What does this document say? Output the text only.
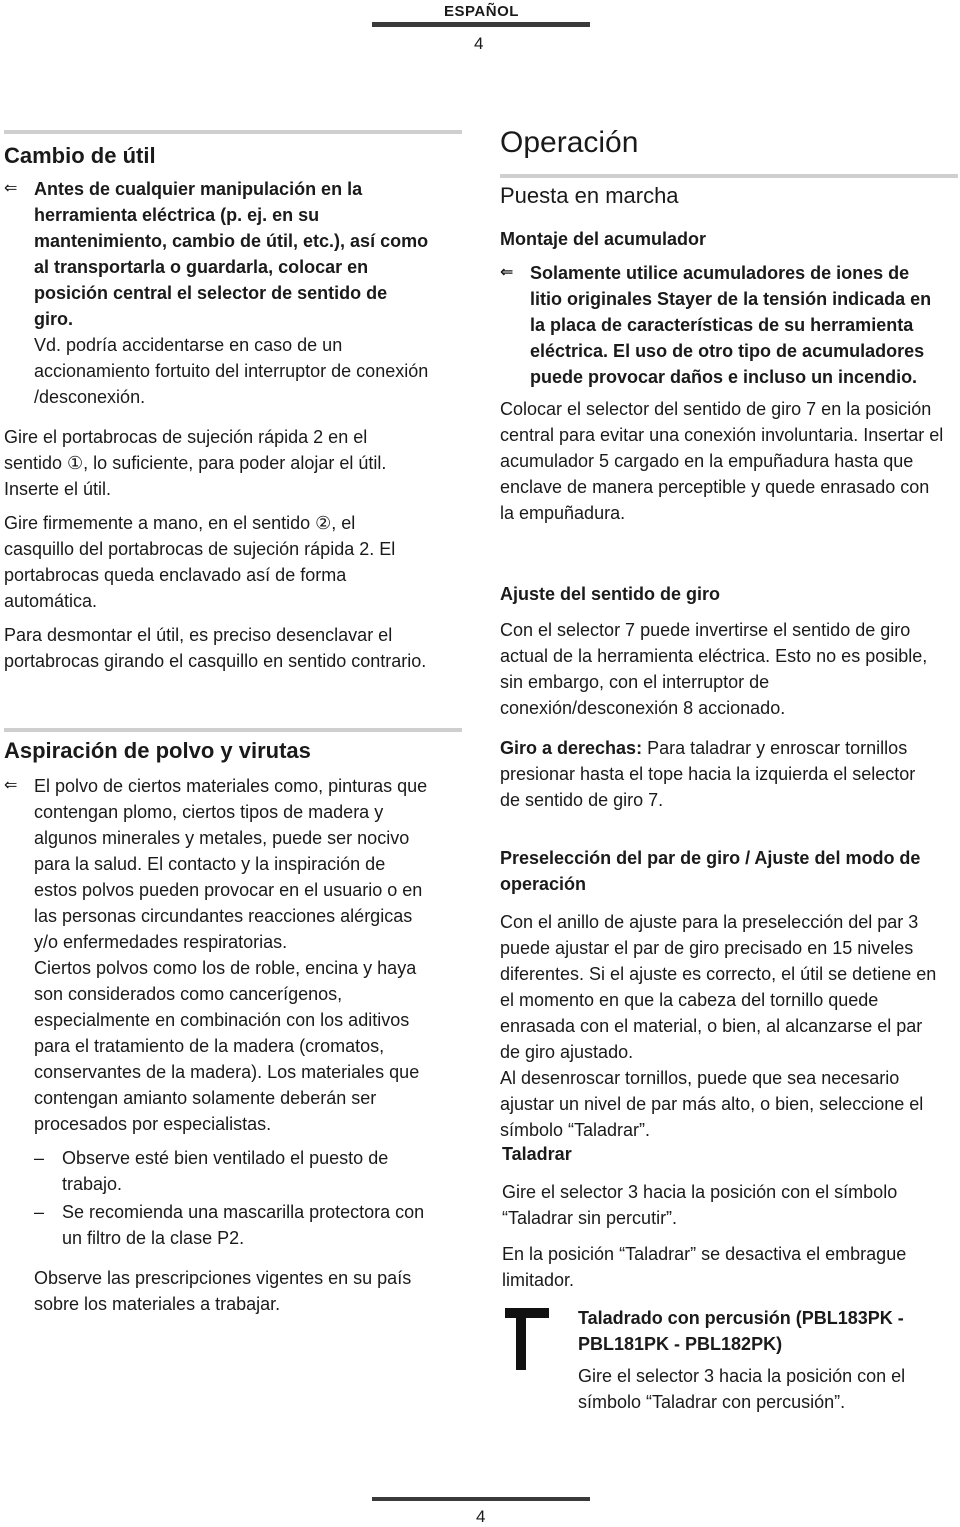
ESPAÑOL
4
Cambio de útil
⇐ Antes de cualquier manipulación en la herramienta eléctrica (p. ej. en su mantenimiento, cambio de útil, etc.), así como al transportarla o guardarla, colocar en posición central el selector de sentido de giro.

Vd. podría accidentarse en caso de un accionamiento fortuito del interruptor de conexión /desconexión.

Gire el portabrocas de sujeción rápida 2 en el sentido ①, lo suficiente, para poder alojar el útil. Inserte el útil.

Gire firmemente a mano, en el sentido ②, el casquillo del portabrocas de sujeción rápida 2. El portabrocas queda enclavado así de forma automática.

Para desmontar el útil, es preciso desenclavar el portabrocas girando el casquillo en sentido contrario.

Aspiración de polvo y virutas
⇐ El polvo de ciertos materiales como, pinturas que contengan plomo, ciertos tipos de madera y algunos minerales y metales, puede ser nocivo para la salud. El contacto y la inspiración de estos polvos pueden provocar en el usuario o en las personas circundantes reacciones alérgicas y/o enfermedades respiratorias.

Ciertos polvos como los de roble, encina y haya son considerados como cancerígenos, especialmente en combinación con los aditivos para el tratamiento de la madera (cromatos, conservantes de la madera). Los materiales que contengan amianto solamente deberán ser procesados por especialistas.

– Observe esté bien ventilado el puesto de trabajo.
– Se recomienda una mascarilla protectora con un filtro de la clase P2.

Observe las prescripciones vigentes en su país sobre los materiales a trabajar.

Operación
Puesta en marcha
Montaje del acumulador
⇐ Solamente utilice acumuladores de iones de litio originales Stayer de la tensión indicada en la placa de características de su herramienta eléctrica. El uso de otro tipo de acumuladores puede provocar daños e incluso un incendio.

Colocar el selector del sentido de giro 7 en la posición central para evitar una conexión involuntaria. Insertar el acumulador 5 cargado en la empuñadura hasta que enclave de manera perceptible y quede enrasado con la empuñadura.

Ajuste del sentido de giro

Con el selector 7 puede invertirse el sentido de giro actual de la herramienta eléctrica. Esto no es posible, sin embargo, con el interruptor de conexión/desconexión 8 accionado.

Giro a derechas: Para taladrar y enroscar tornillos presionar hasta el tope hacia la izquierda el selector de sentido de giro 7.

Preselección del par de giro / Ajuste del modo de operación

Con el anillo de ajuste para la preselección del par 3 puede ajustar el par de giro precisado en 15 niveles diferentes. Si el ajuste es correcto, el útil se detiene en el momento en que la cabeza del tornillo quede enrasada con el material, o bien, al alcanzarse el par de giro ajustado.

Al desenroscar tornillos, puede que sea necesario ajustar un nivel de par más alto, o bien, seleccione el símbolo “Taladrar”.

Taladrar

Gire el selector 3 hacia la posición con el símbolo “Taladrar sin percutir”.

En la posición “Taladrar” se desactiva el embrague limitador.

Taladrado con percusión (PBL183PK - PBL181PK - PBL182PK)

Gire el selector 3 hacia la posición con el símbolo “Taladrar con percusión”.

4
